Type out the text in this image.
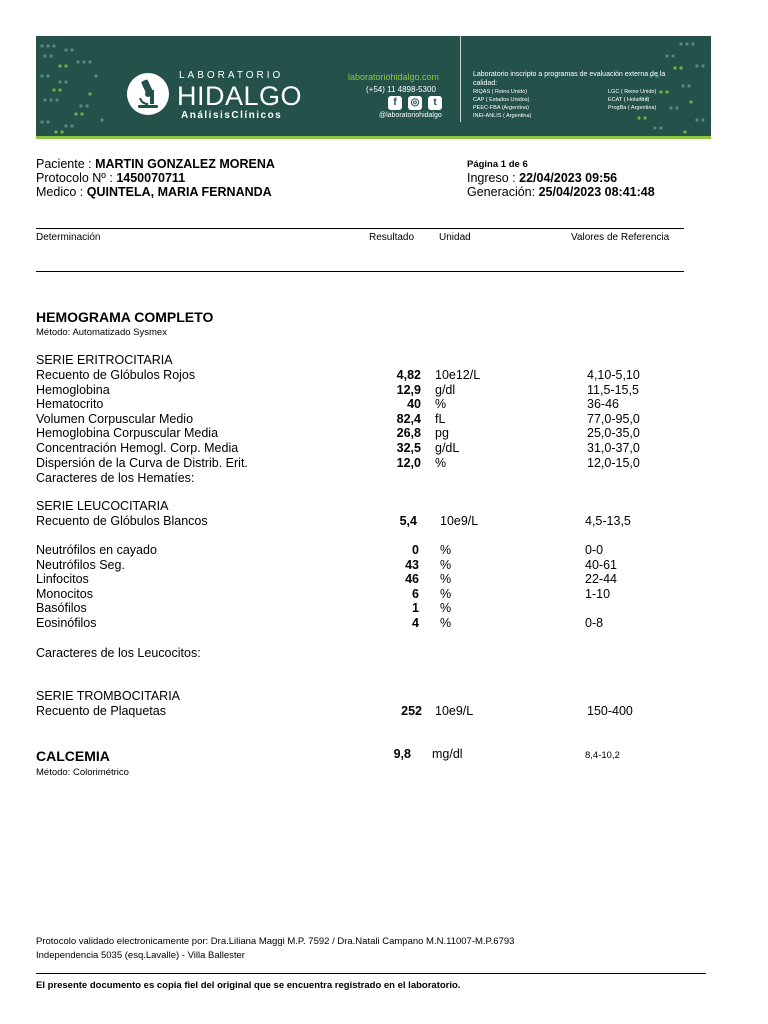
LABORATORIO
HIDALGO
AnálisisClínicos
laboratoriohidalgo.com
(+54) 11 4898-5300
f	◎	t
@laboratoriohidalgo
Laboratorio inscripto a programas de evaluación externa de la calidad:
RIQAS ( Reino Unido)
CAP ( Estados Unidos)
PEEC-FBA (Argentina)
INEI-ANLIS ( Argentina)
LGC ( Reino Unido)
ECAT ( Holanda)
ProgBa ( Argentina)
Paciente : MARTIN GONZALEZ MORENA
Protocolo Nº : 1450070711
Medico : QUINTELA, MARIA FERNANDA
Página 1 de 6
Ingreso : 22/04/2023 09:56
Generación: 25/04/2023 08:41:48
Determinación	Resultado Unidad	Valores de Referencia
HEMOGRAMA COMPLETO
Método: Automatizado Sysmex
SERIE ERITROCITARIA
Recuento de Glóbulos Rojos	4,82 10e12/L	4,10-5,10
Hemoglobina	12,9 g/dl	11,5-15,5
Hematocrito	40 %	36-46
Volumen Corpuscular Medio	82,4 fL	77,0-95,0
Hemoglobina Corpuscular Media	26,8 pg	25,0-35,0
Concentración Hemogl. Corp. Media	32,5 g/dL	31,0-37,0
Dispersión de la Curva de Distrib. Erit.	12,0 %	12,0-15,0
Caracteres de los Hematíes:
SERIE LEUCOCITARIA
Recuento de Glóbulos Blancos	5,4 10e9/L	4,5-13,5
Neutrófilos en cayado	0 %	0-0
Neutrófilos Seg.	43 %	40-61
Linfocitos	46 %	22-44
Monocitos	6 %	1-10
Basófilos	1 %
Eosinófilos	4 %	0-8
Caracteres de los Leucocitos:
SERIE TROMBOCITARIA
Recuento de Plaquetas	252 10e9/L	150-400
CALCEMIA	9,8 mg/dl	8,4-10,2
Método: Colorimétrico
Protocolo validado electronicamente por: Dra.Liliana Maggi M.P. 7592 / Dra.Natali Campano M.N.11007-M.P.6793
Independencia 5035 (esq.Lavalle) - Villa Ballester
El presente documento es copia fiel del original que se encuentra registrado en el laboratorio.
